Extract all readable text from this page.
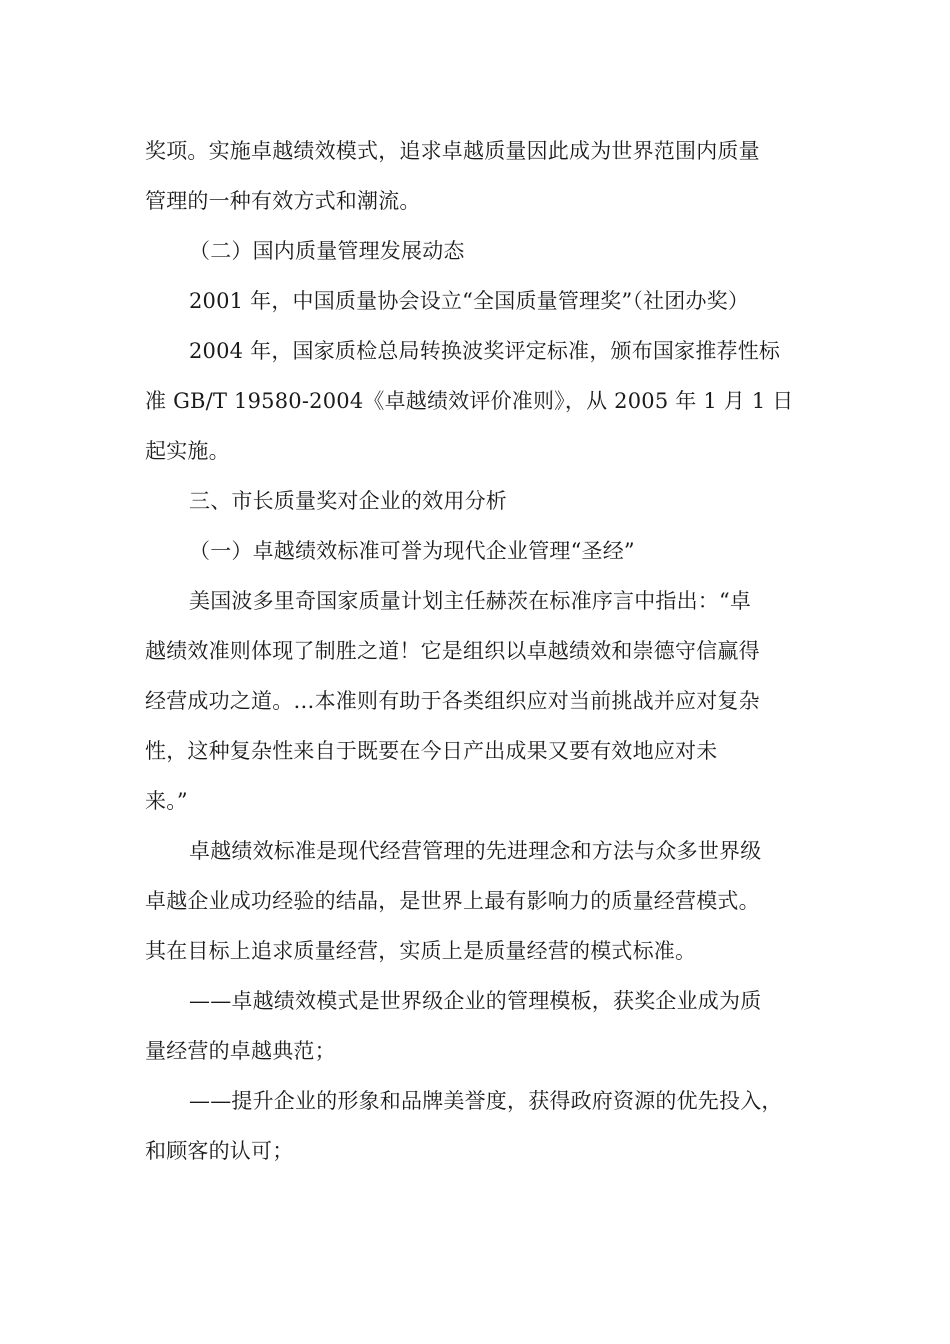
奖项。实施卓越绩效模式，追求卓越质量因此成为世界范围内质量
管理的一种有效方式和潮流。
（二）国内质量管理发展动态
2001 年，中国质量协会设立“全国质量管理奖”（社团办奖）
2004 年，国家质检总局转换波奖评定标准，颁布国家推荐性标
准 GB/T 19580-2004《卓越绩效评价准则》，从 2005 年 1 月 1 日
起实施。
三、市长质量奖对企业的效用分析
（一）卓越绩效标准可誉为现代企业管理“圣经”
美国波多里奇国家质量计划主任赫茨在标准序言中指出：“卓
越绩效准则体现了制胜之道！它是组织以卓越绩效和崇德守信赢得
经营成功之道。…本准则有助于各类组织应对当前挑战并应对复杂
性，这种复杂性来自于既要在今日产出成果又要有效地应对未
来。”
卓越绩效标准是现代经营管理的先进理念和方法与众多世界级
卓越企业成功经验的结晶，是世界上最有影响力的质量经营模式。
其在目标上追求质量经营，实质上是质量经营的模式标准。
——卓越绩效模式是世界级企业的管理模板，获奖企业成为质
量经营的卓越典范；
——提升企业的形象和品牌美誉度，获得政府资源的优先投入，
和顾客的认可；
